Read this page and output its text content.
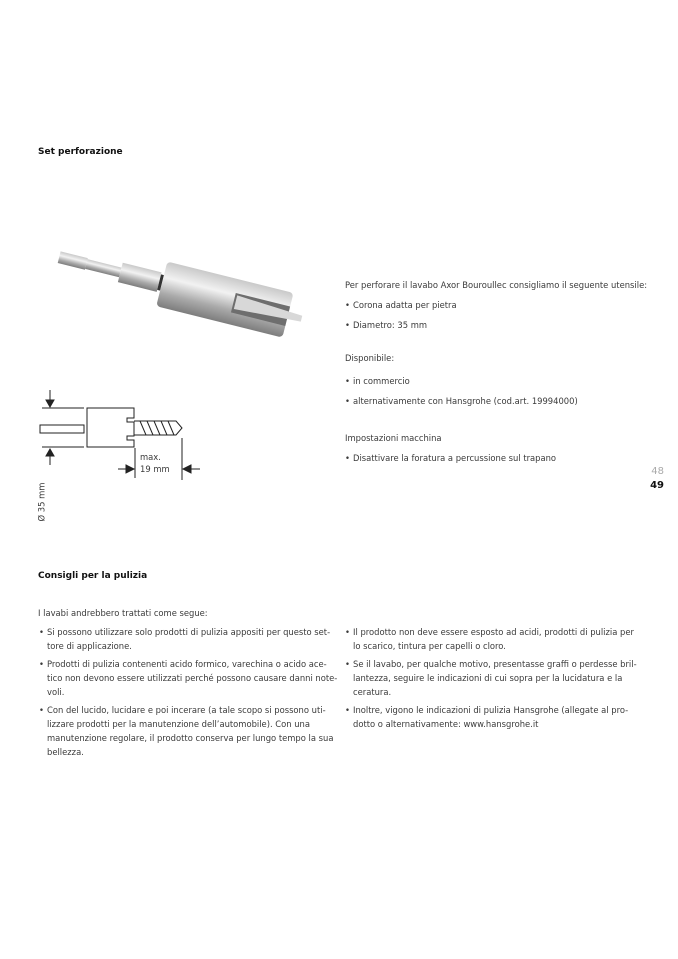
Set perforazione
max.
19 mm
Ø 35 mm
Per perforare il lavabo Axor Bouroullec consigliamo il seguente utensile:
• Corona adatta per pietra
• Diametro: 35 mm
Disponibile:
• in commercio
• alternativamente con Hansgrohe (cod.art. 19994000)
Impostazioni macchina
• Disattivare la foratura a percussione sul trapano
48
49
Consigli per la pulizia
I lavabi andrebbero trattati come segue:
• Si possono utilizzare solo prodotti di pulizia appositi per questo set-
tore di applicazione.
• Prodotti di pulizia contenenti acido formico, varechina o acido ace-
tico non devono essere utilizzati perché possono causare danni note-
voli.
• Con del lucido, lucidare e poi incerare (a tale scopo si possono uti-
lizzare prodotti per la manutenzione dell’automobile). Con una
manutenzione regolare, il prodotto conserva per lungo tempo la sua
bellezza.
• Il prodotto non deve essere esposto ad acidi, prodotti di pulizia per
lo scarico, tintura per capelli o cloro.
• Se il lavabo, per qualche motivo, presentasse graffi o perdesse bril-
lantezza, seguire le indicazioni di cui sopra per la lucidatura e la
ceratura.
• Inoltre, vigono le indicazioni di pulizia Hansgrohe (allegate al pro-
dotto o alternativamente: www.hansgrohe.it
